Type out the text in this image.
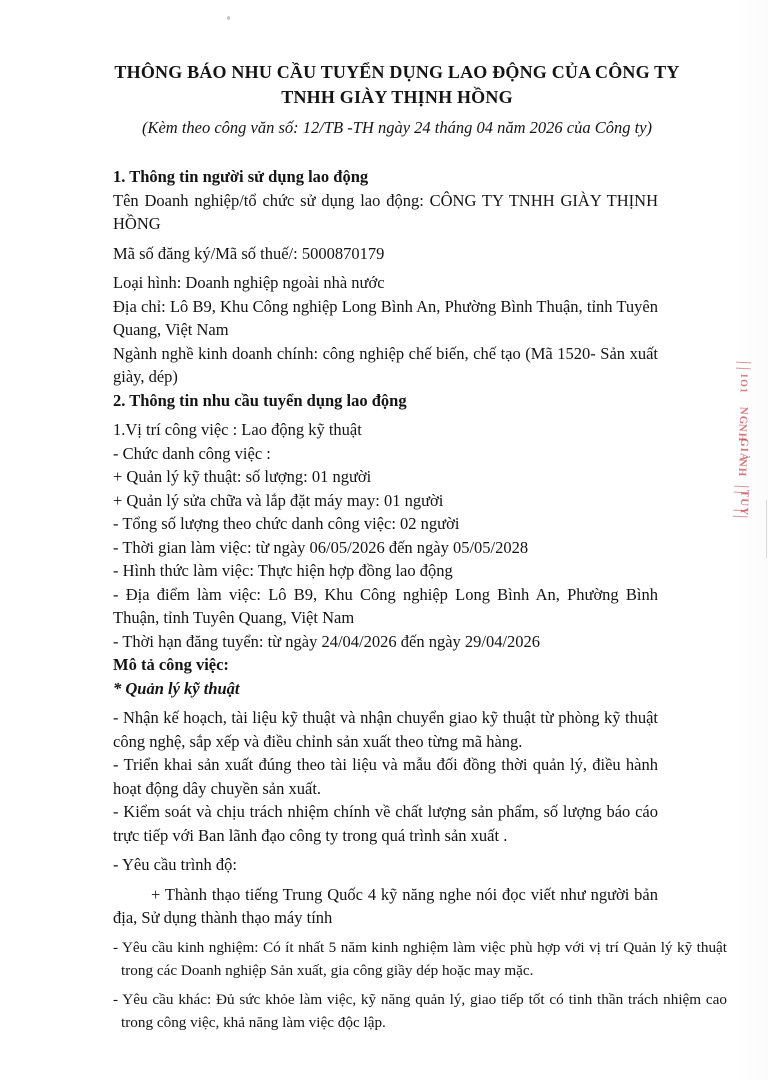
THÔNG BÁO NHU CẦU TUYỂN DỤNG LAO ĐỘNG CỦA CÔNG TY TNHH GIÀY THỊNH HỒNG
(Kèm theo công văn số: 12/TB -TH ngày 24 tháng 04 năm 2026 của Công ty)
1. Thông tin người sử dụng lao động
Tên Doanh nghiệp/tổ chức sử dụng lao động: CÔNG TY TNHH GIÀY THỊNH HỒNG
Mã số đăng ký/Mã số thuế/: 5000870179
Loại hình: Doanh nghiệp ngoài nhà nước
Địa chỉ: Lô B9, Khu Công nghiệp Long Bình An, Phường Bình Thuận, tỉnh Tuyên Quang, Việt Nam
Ngành nghề kinh doanh chính: công nghiệp chế biến, chế tạo (Mã 1520- Sản xuất giày, dép)
2. Thông tin nhu cầu tuyển dụng lao động
1.Vị trí công việc : Lao động kỹ thuật
- Chức danh công việc :
+ Quản lý kỹ thuật: số lượng: 01 người
+ Quản lý sửa chữa và lắp đặt máy may: 01 người
- Tổng số lượng theo chức danh công việc: 02 người
- Thời gian làm việc: từ ngày 06/05/2026 đến ngày 05/05/2028
- Hình thức làm việc: Thực hiện hợp đồng lao động
- Địa điểm làm việc: Lô B9, Khu Công nghiệp Long Bình An, Phường Bình Thuận, tỉnh Tuyên Quang, Việt Nam
- Thời hạn đăng tuyển: từ ngày 24/04/2026 đến ngày 29/04/2026
Mô tả công việc:
* Quản lý kỹ thuật
- Nhận kế hoạch, tài liệu kỹ thuật và nhận chuyển giao kỹ thuật từ phòng kỹ thuật công nghệ, sắp xếp và điều chỉnh sản xuất theo từng mã hàng.
- Triển khai sản xuất đúng theo tài liệu và mẫu đối đồng thời quản lý, điều hành hoạt động dây chuyền sản xuất.
- Kiểm soát và chịu trách nhiệm chính về chất lượng sản phẩm, số lượng báo cáo trực tiếp với Ban lãnh đạo công ty trong quá trình sản xuất .
- Yêu cầu trình độ:
+ Thành thạo tiếng Trung Quốc 4 kỹ năng nghe nói đọc viết như người bản địa, Sử dụng thành thạo máy tính
- Yêu cầu kinh nghiệm: Có ít nhất 5 năm kinh nghiệm làm việc phù hợp với vị trí Quản lý kỹ thuật trong các Doanh nghiệp Sản xuất, gia công giầy dép hoặc may mặc.
- Yêu cầu khác: Đủ sức khỏe làm việc, kỹ năng quản lý, giao tiếp tốt có tinh thần trách nhiệm cao trong công việc, khả năng làm việc độc lập.
1O1
NG
NH
GIÀ
NH
TUY
